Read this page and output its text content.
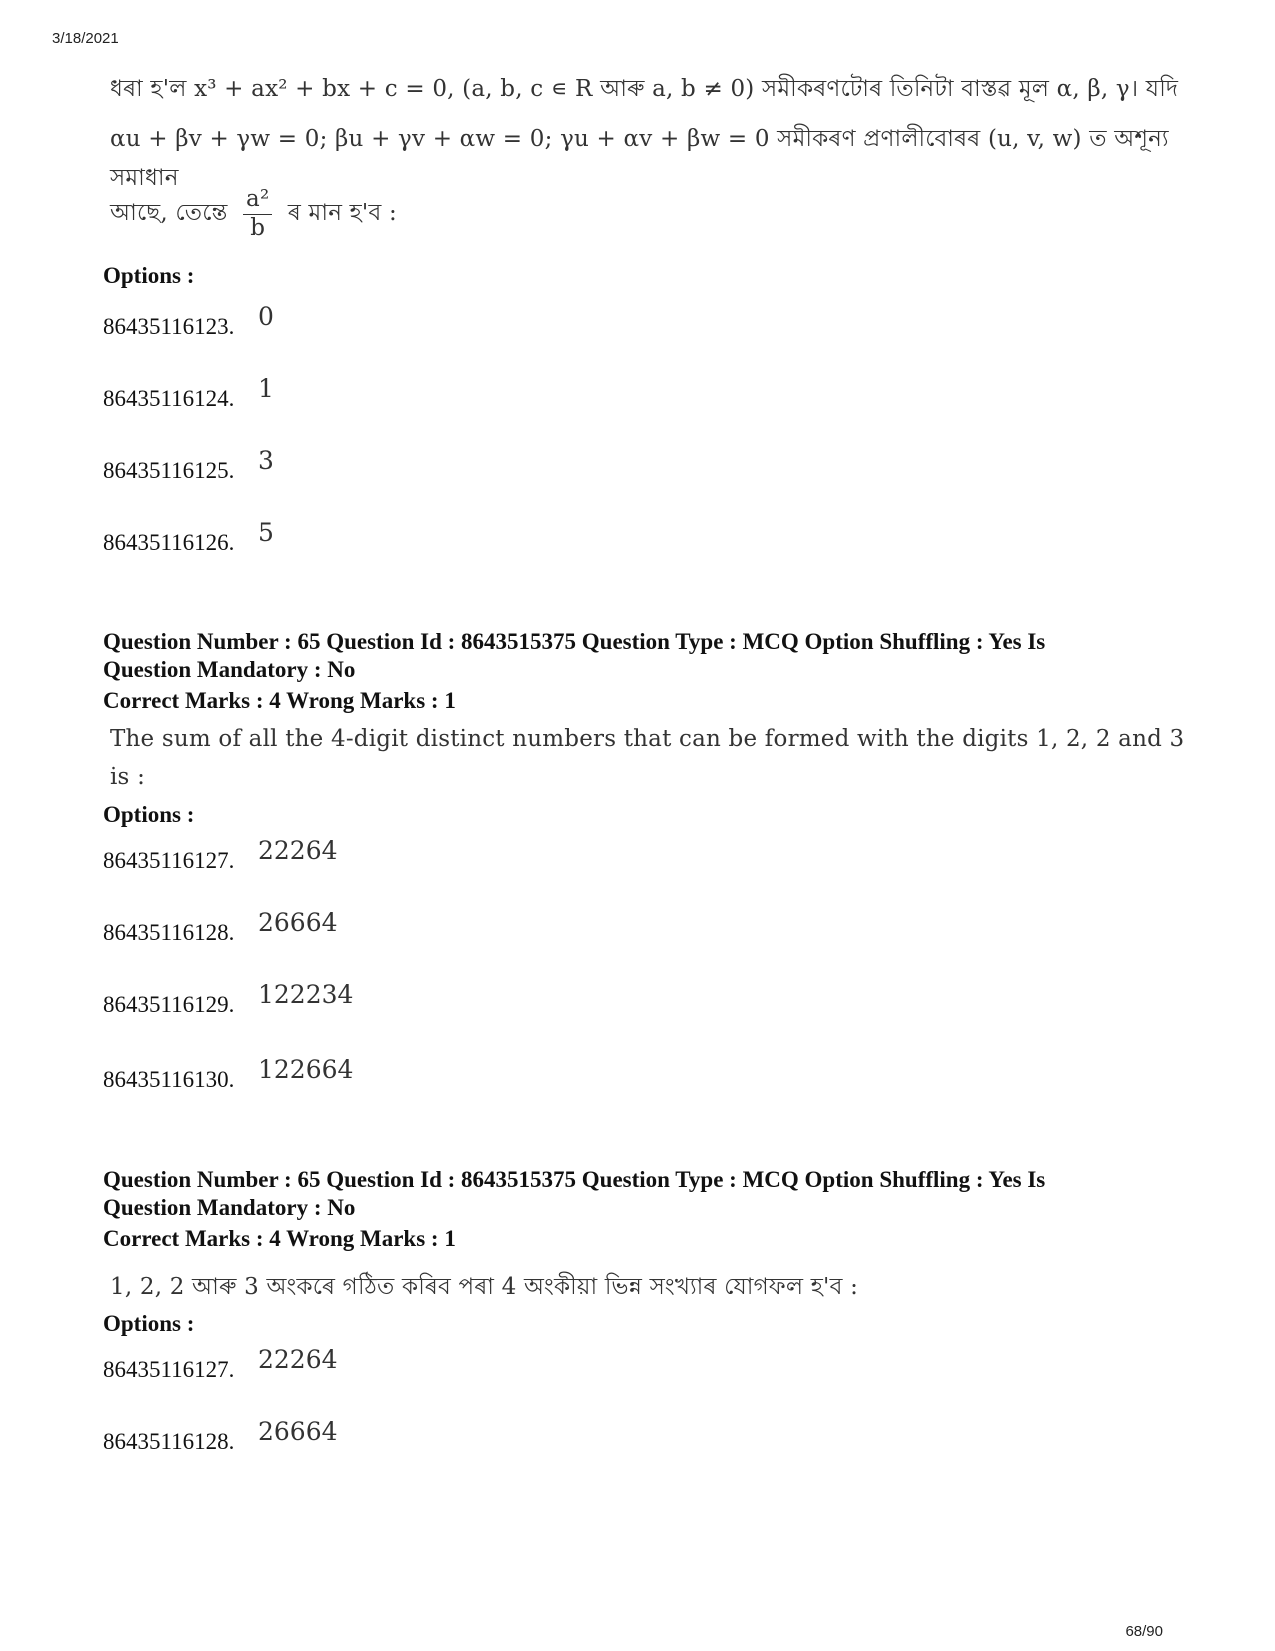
3/18/2021
ধৰা হ'ল x³ + ax² + bx + c = 0, (a, b, c ∊ R আৰু a, b ≠ 0) সমীকৰণটোৰ তিনিটা বাস্তৱ মূল α, β, γ। যদি
αu + βv + γw = 0; βu + γv + αw = 0; γu + αv + βw = 0 সমীকৰণ প্ৰণালীবোৰৰ (u, v, w) ত অশূন্য সমাধান
আছে, তেন্তে $\frac{\text{a²}}{b}$ ৰ মান হ'ব :
Options :
86435116123. 0
86435116124. 1
86435116125. 3
86435116126. 5
Question Number : 65 Question Id : 8643515375 Question Type : MCQ Option Shuffling : Yes Is
Question Mandatory : No
Correct Marks : 4 Wrong Marks : 1
The sum of all the 4-digit distinct numbers that can be formed with the digits 1, 2, 2 and 3
is :
Options :
86435116127. 22264
86435116128. 26664
86435116129. 122234
86435116130. 122664
Question Number : 65 Question Id : 8643515375 Question Type : MCQ Option Shuffling : Yes Is
Question Mandatory : No
Correct Marks : 4 Wrong Marks : 1
1, 2, 2 আৰু 3 অংকৰে গঠিত কৰিব পৰা 4 অংকীয়া ভিন্ন সংখ্যাৰ যোগফল হ'ব :
Options :
86435116127. 22264
86435116128. 26664
68/90
